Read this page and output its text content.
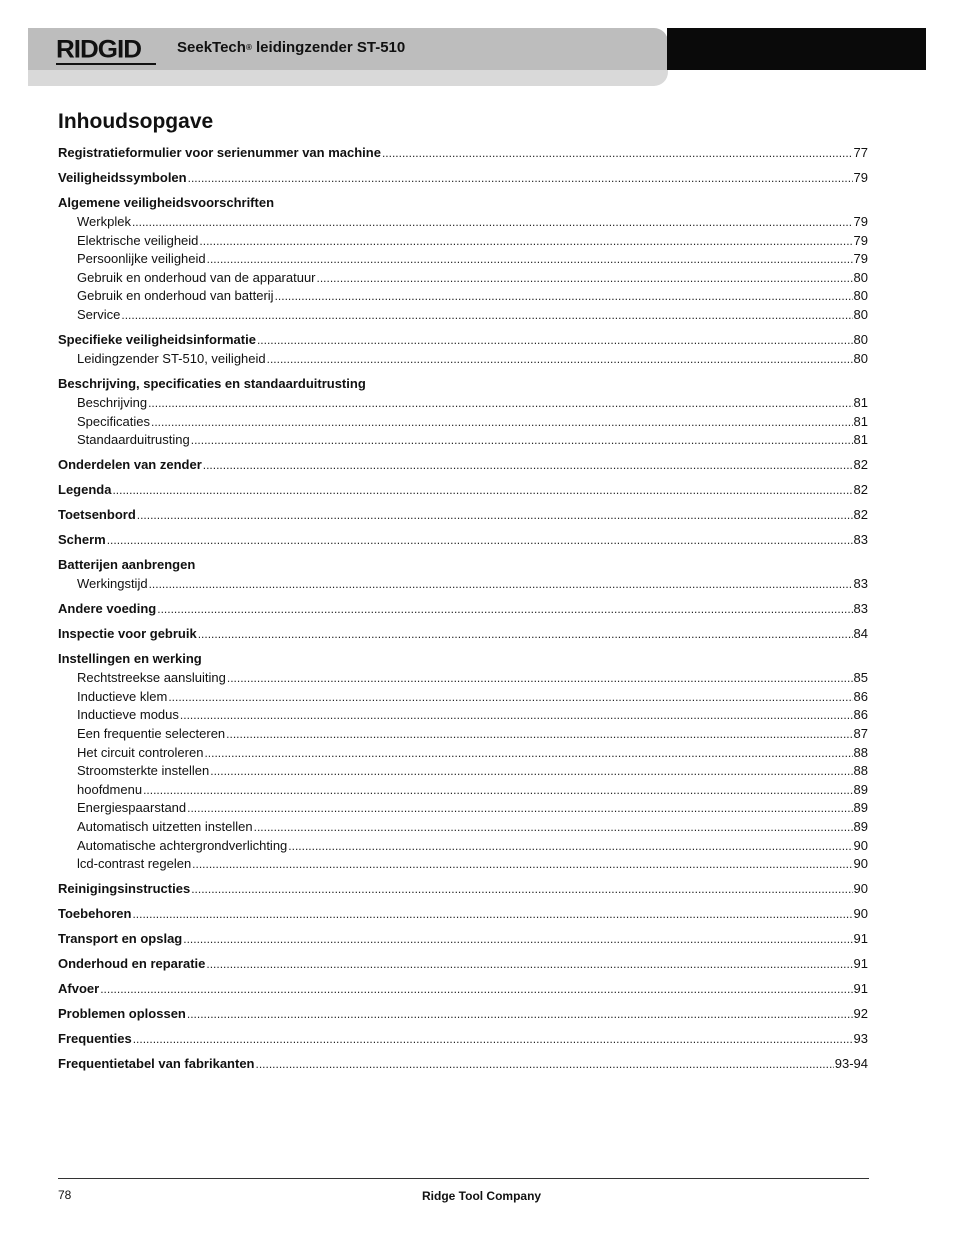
RIDGID SeekTech® leidingzender ST-510
Inhoudsopgave
Registratieformulier voor serienummer van machine .....	77
Veiligheidssymbolen .....	79
Algemene veiligheidsvoorschriften
Werkplek .....	79
Elektrische veiligheid .....	79
Persoonlijke veiligheid .....	79
Gebruik en onderhoud van de apparatuur .....	80
Gebruik en onderhoud van batterij .....	80
Service .....	80
Specifieke veiligheidsinformatie .....	80
Leidingzender ST-510, veiligheid .....	80
Beschrijving, specificaties en standaarduitrusting
Beschrijving .....	81
Specificaties .....	81
Standaarduitrusting .....	81
Onderdelen van zender .....	82
Legenda .....	82
Toetsenbord .....	82
Scherm .....	83
Batterijen aanbrengen
Werkingstijd .....	83
Andere voeding .....	83
Inspectie voor gebruik .....	84
Instellingen en werking
Rechtstreekse aansluiting .....	85
Inductieve klem .....	86
Inductieve modus .....	86
Een frequentie selecteren .....	87
Het circuit controleren .....	88
Stroomsterkte instellen .....	88
hoofdmenu .....	89
Energiespaarstand .....	89
Automatisch uitzetten instellen .....	89
Automatische achtergrondverlichting .....	90
lcd-contrast regelen .....	90
Reinigingsinstructies .....	90
Toebehoren .....	90
Transport en opslag .....	91
Onderhoud en reparatie .....	91
Afvoer .....	91
Problemen oplossen .....	92
Frequenties .....	93
Frequentietabel van fabrikanten .....	93-94
78	Ridge Tool Company
